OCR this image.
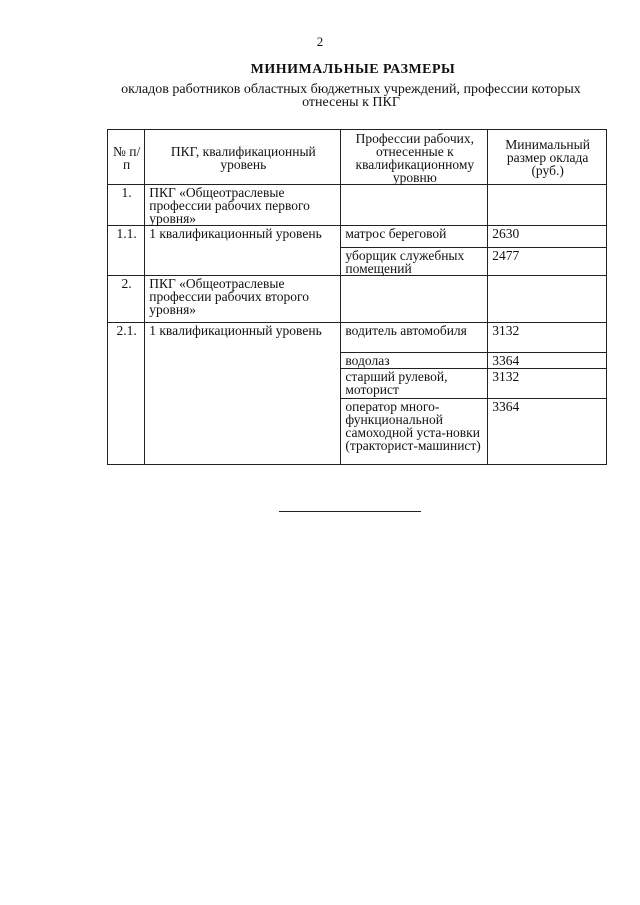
2
МИНИМАЛЬНЫЕ РАЗМЕРЫ
окладов работников областных бюджетных учреждений, профессии которых отнесены к ПКГ
№ п/п	ПКГ, квалификационный уровень	Профессии рабочих, отнесенные к квалификационному уровню	Минимальный размер оклада (руб.)
1.	ПКГ «Общеотраслевые профессии рабочих первого уровня»		
1.1.	1 квалификационный уровень	матрос береговой	2630
		уборщик служебных помещений	2477
2.	ПКГ «Общеотраслевые профессии рабочих второго уровня»		
2.1.	1 квалификационный уровень	водитель автомобиля	3132
		водолаз	3364
		старший рулевой, моторист	3132
		оператор много-функциональной самоходной уста-новки (тракторист-машинист)	3364
